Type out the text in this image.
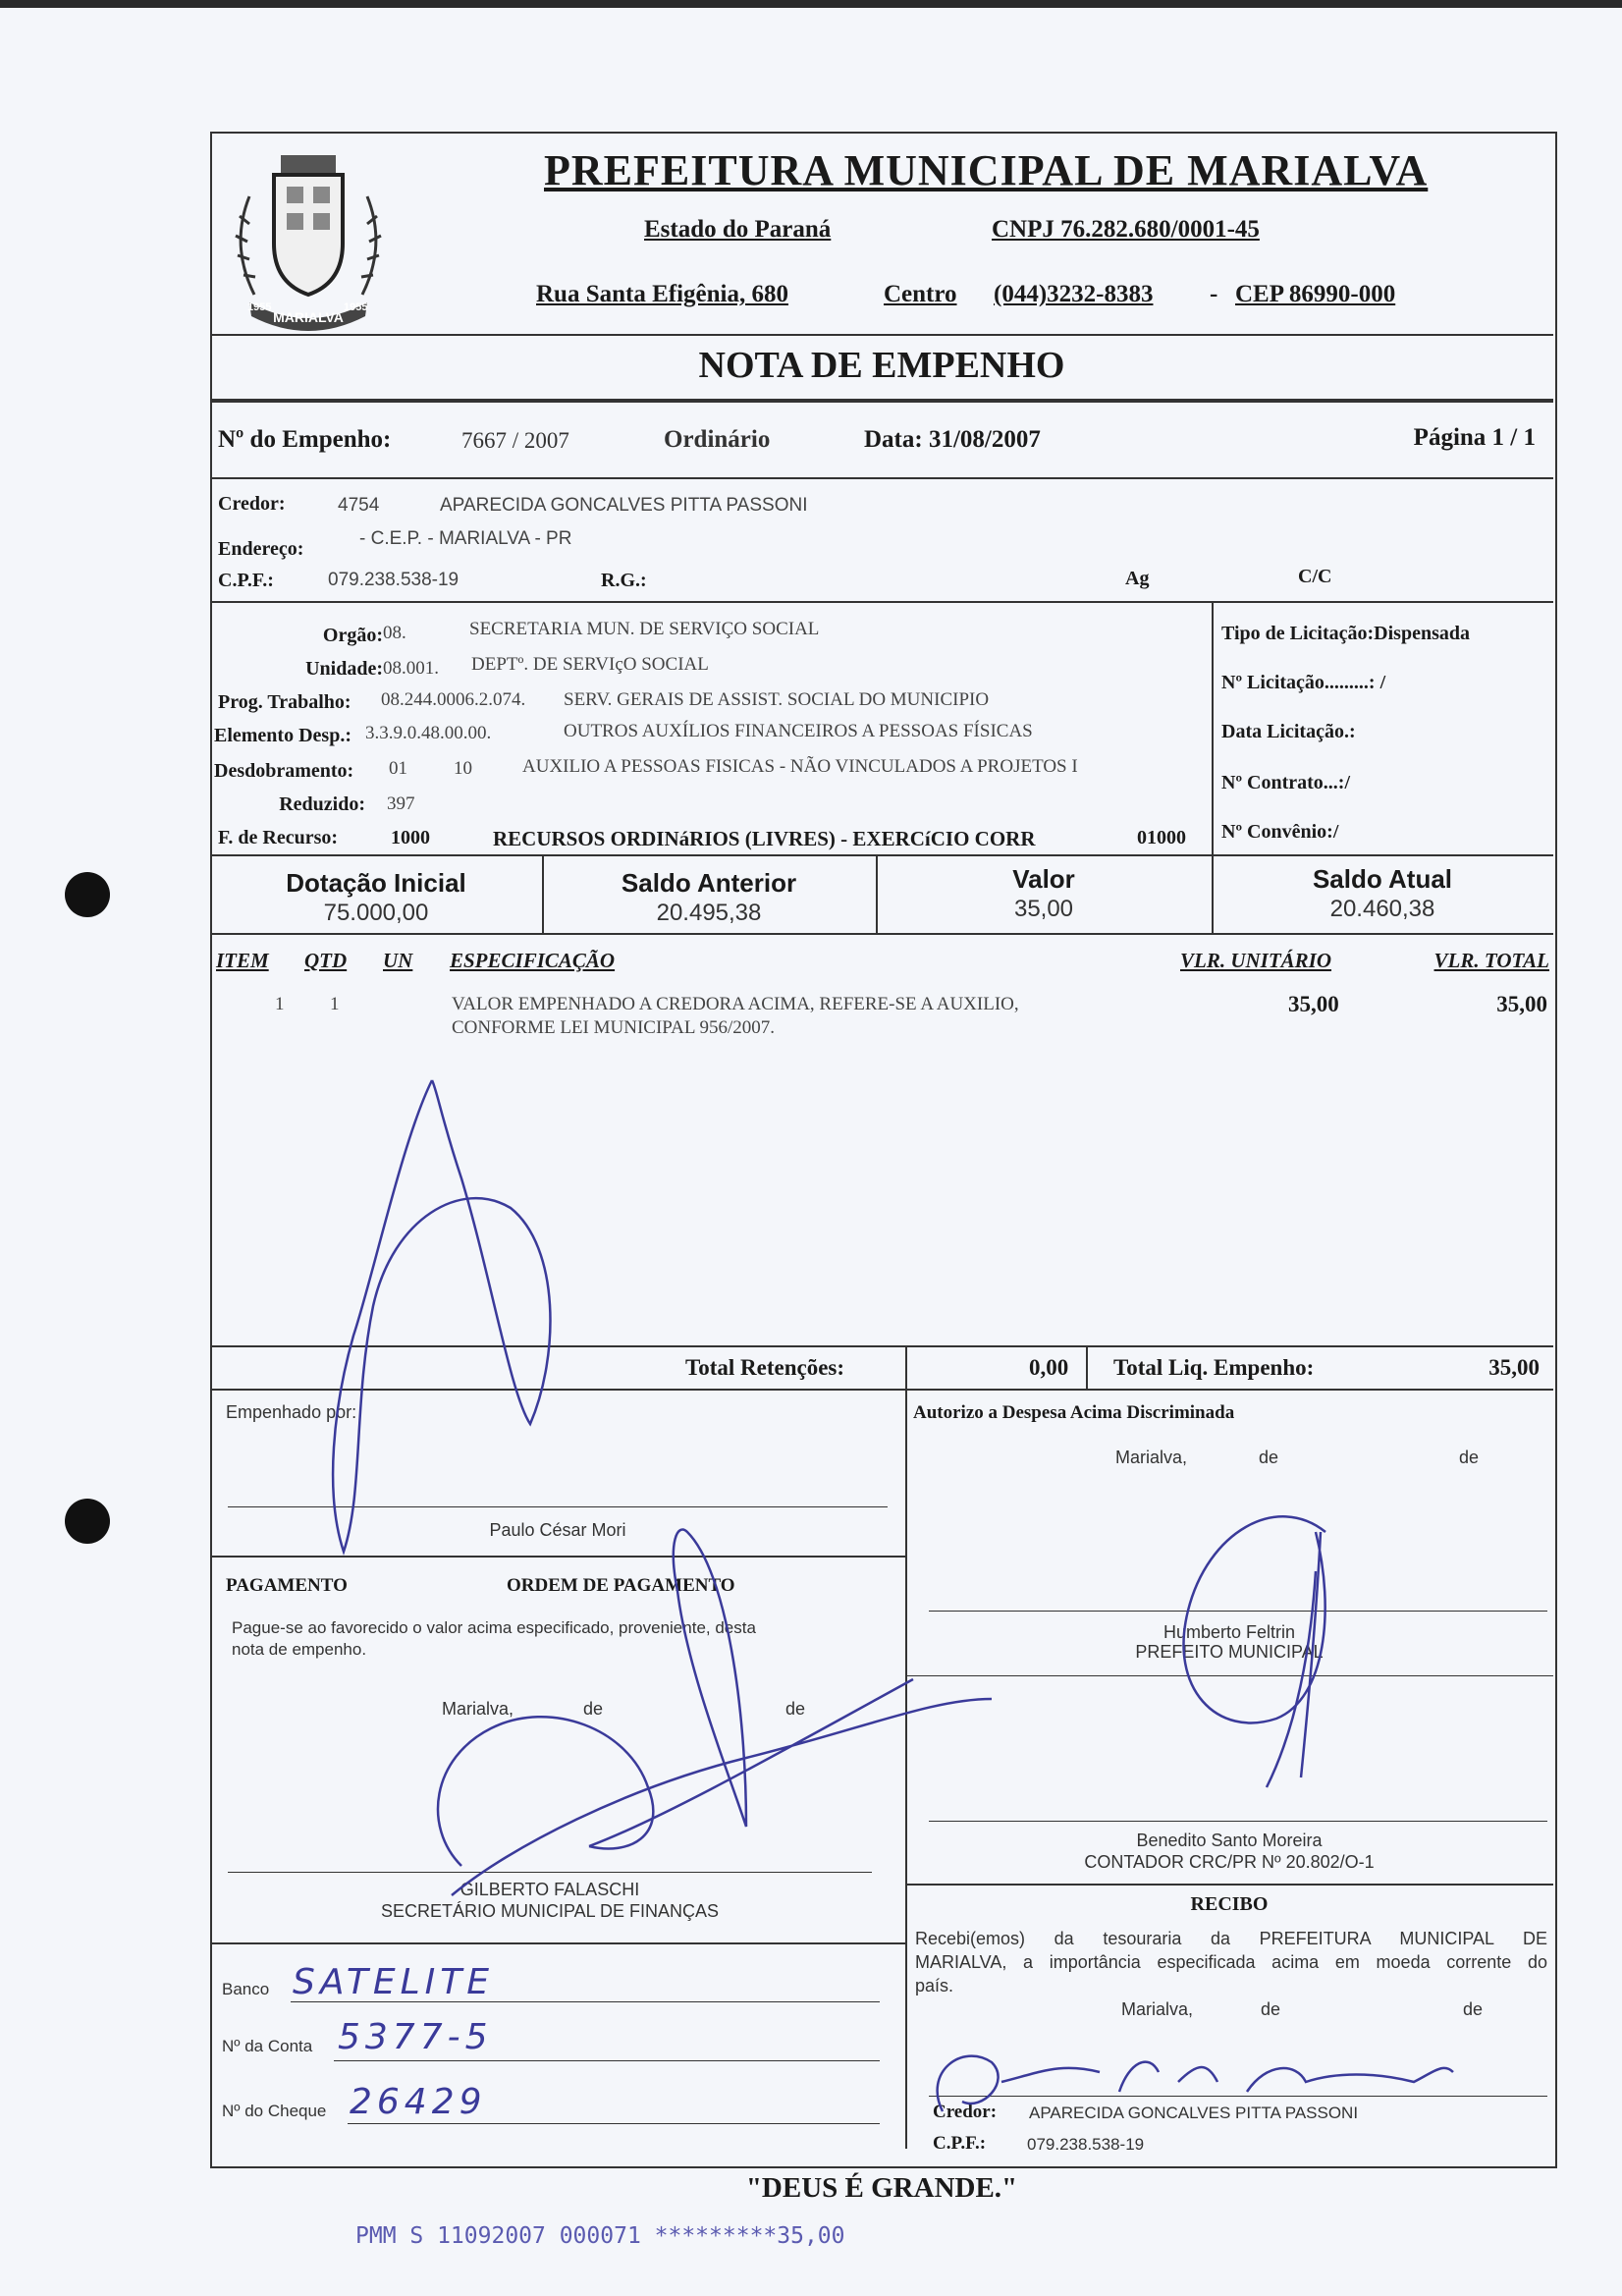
MARIALVA
1955	1955
PREFEITURA MUNICIPAL DE MARIALVA
Estado do Paraná	CNPJ 76.282.680/0001-45
Rua Santa Efigênia, 680	Centro (044)3232-8383 - CEP 86990-000
NOTA DE EMPENHO
Nº do Empenho:	7667 / 2007	Ordinário	Data: 31/08/2007	Página 1 / 1
Credor:	4754	APARECIDA GONCALVES PITTA PASSONI
Endereço:	- C.E.P. - MARIALVA - PR
C.P.F.:	079.238.538-19	R.G.:	Ag	C/C
Orgão: 08.	SECRETARIA MUN. DE SERVIÇO SOCIAL
Unidade: 08.001. DEPTº. DE SERVIçO SOCIAL
Prog. Trabalho: 08.244.0006.2.074. SERV. GERAIS DE ASSIST. SOCIAL DO MUNICIPIO
Elemento Desp.: 3.3.9.0.48.00.00.	OUTROS AUXÍLIOS FINANCEIROS A PESSOAS FÍSICAS
Desdobramento: 01 10	AUXILIO A PESSOAS FISICAS - NÃO VINCULADOS A PROJETOS I
Reduzido: 397
F. de Recurso:	1000	RECURSOS ORDINáRIOS (LIVRES) - EXERCíCIO CORR	01000
Tipo de Licitação:Dispensada
Nº Licitação.........: /
Data Licitação.:
Nº Contrato...:/
Nº Convênio:/
Dotação Inicial
75.000,00
Saldo Anterior
20.495,38
Valor
35,00
Saldo Atual
20.460,38
ITEM QTD UN ESPECIFICAÇÃO	VLR. UNITÁRIO	VLR. TOTAL
1 1	VALOR EMPENHADO A CREDORA ACIMA, REFERE-SE A AUXILIO,
CONFORME LEI MUNICIPAL 956/2007.
35,00	35,00
Total Retenções:	0,00 Total Liq. Empenho:	35,00
Empenhado por:
Paulo César Mori
PAGAMENTO	ORDEM DE PAGAMENTO
Pague-se ao favorecido o valor acima especificado, proveniente, desta
nota de empenho.
Marialva,	de	de
GILBERTO FALASCHI
SECRETÁRIO MUNICIPAL DE FINANÇAS
Banco SATELITE
Nº da Conta 5377-5
Nº do Cheque 26429
Autorizo a Despesa Acima Discriminada
Marialva,	de	de
Humberto Feltrin
PREFEITO MUNICIPAL
Benedito Santo Moreira
CONTADOR CRC/PR Nº 20.802/O-1
RECIBO
Recebi(emos) da tesouraria da PREFEITURA MUNICIPAL DE
MARIALVA, a importância especificada acima em moeda corrente do
país.
Marialva,	de	de
Credor: APARECIDA GONCALVES PITTA PASSONI
C.P.F.: 079.238.538-19
"DEUS É GRANDE."
PMM S 11092007 000071 *********35,00
